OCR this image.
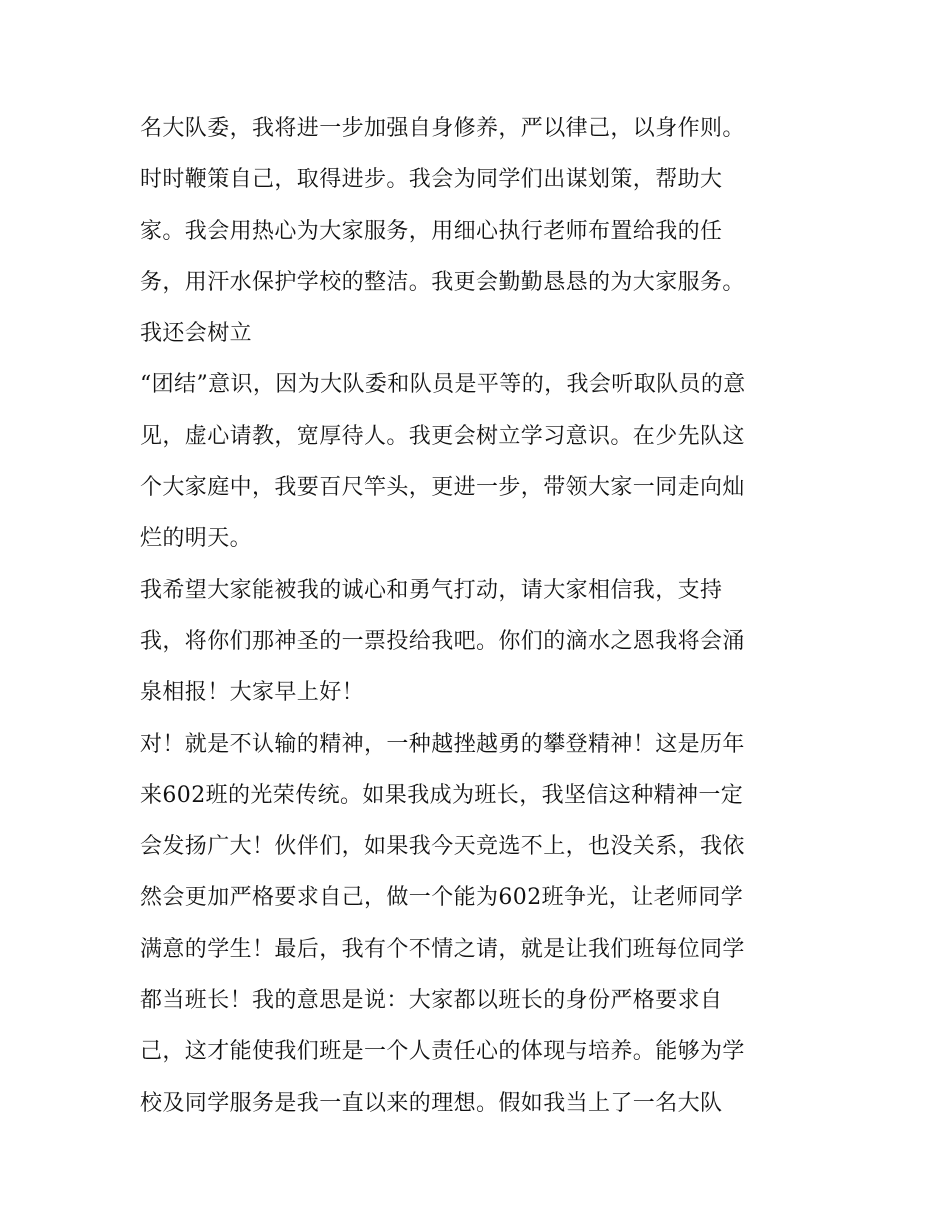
名大队委，我将进一步加强自身修养，严以律己，以身作则。
时时鞭策自己，取得进步。我会为同学们出谋划策，帮助大
家。我会用热心为大家服务，用细心执行老师布置给我的任
务，用汗水保护学校的整洁。我更会勤勤恳恳的为大家服务。
我还会树立
“团结”意识，因为大队委和队员是平等的，我会听取队员的意
见，虚心请教，宽厚待人。我更会树立学习意识。在少先队这
个大家庭中，我要百尺竿头，更进一步，带领大家一同走向灿
烂的明天。
我希望大家能被我的诚心和勇气打动，请大家相信我，支持
我，将你们那神圣的一票投给我吧。你们的滴水之恩我将会涌
泉相报！大家早上好！
对！就是不认输的精神，一种越挫越勇的攀登精神！这是历年
来602班的光荣传统。如果我成为班长，我坚信这种精神一定
会发扬广大！伙伴们，如果我今天竞选不上，也没关系，我依
然会更加严格要求自己，做一个能为602班争光，让老师同学
满意的学生！最后，我有个不情之请，就是让我们班每位同学
都当班长！我的意思是说：大家都以班长的身份严格要求自
己，这才能使我们班是一个人责任心的体现与培养。能够为学
校及同学服务是我一直以来的理想。假如我当上了一名大队
